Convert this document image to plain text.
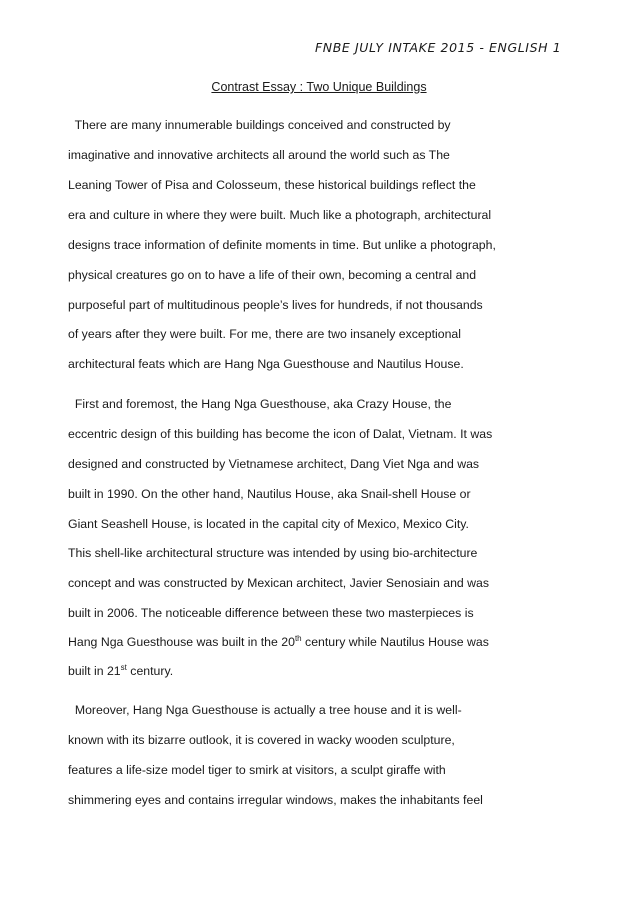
FNBE JULY INTAKE 2015 - ENGLISH 1
Contrast Essay : Two Unique Buildings
There are many innumerable buildings conceived and constructed by
imaginative and innovative architects all around the world such as The
Leaning Tower of Pisa and Colosseum, these historical buildings reflect the
era and culture in where they were built. Much like a photograph, architectural
designs trace information of definite moments in time. But unlike a photograph,
physical creatures go on to have a life of their own, becoming a central and
purposeful part of multitudinous people’s lives for hundreds, if not thousands
of years after they were built. For me, there are two insanely exceptional
architectural feats which are Hang Nga Guesthouse and Nautilus House.
First and foremost, the Hang Nga Guesthouse, aka Crazy House, the
eccentric design of this building has become the icon of Dalat, Vietnam. It was
designed and constructed by Vietnamese architect, Dang Viet Nga and was
built in 1990. On the other hand, Nautilus House, aka Snail-shell House or
Giant Seashell House, is located in the capital city of Mexico, Mexico City.
This shell-like architectural structure was intended by using bio-architecture
concept and was constructed by Mexican architect, Javier Senosiain and was
built in 2006. The noticeable difference between these two masterpieces is
Hang Nga Guesthouse was built in the 20th century while Nautilus House was
built in 21st century.
Moreover, Hang Nga Guesthouse is actually a tree house and it is well-
known with its bizarre outlook, it is covered in wacky wooden sculpture,
features a life-size model tiger to smirk at visitors, a sculpt giraffe with
shimmering eyes and contains irregular windows, makes the inhabitants feel
